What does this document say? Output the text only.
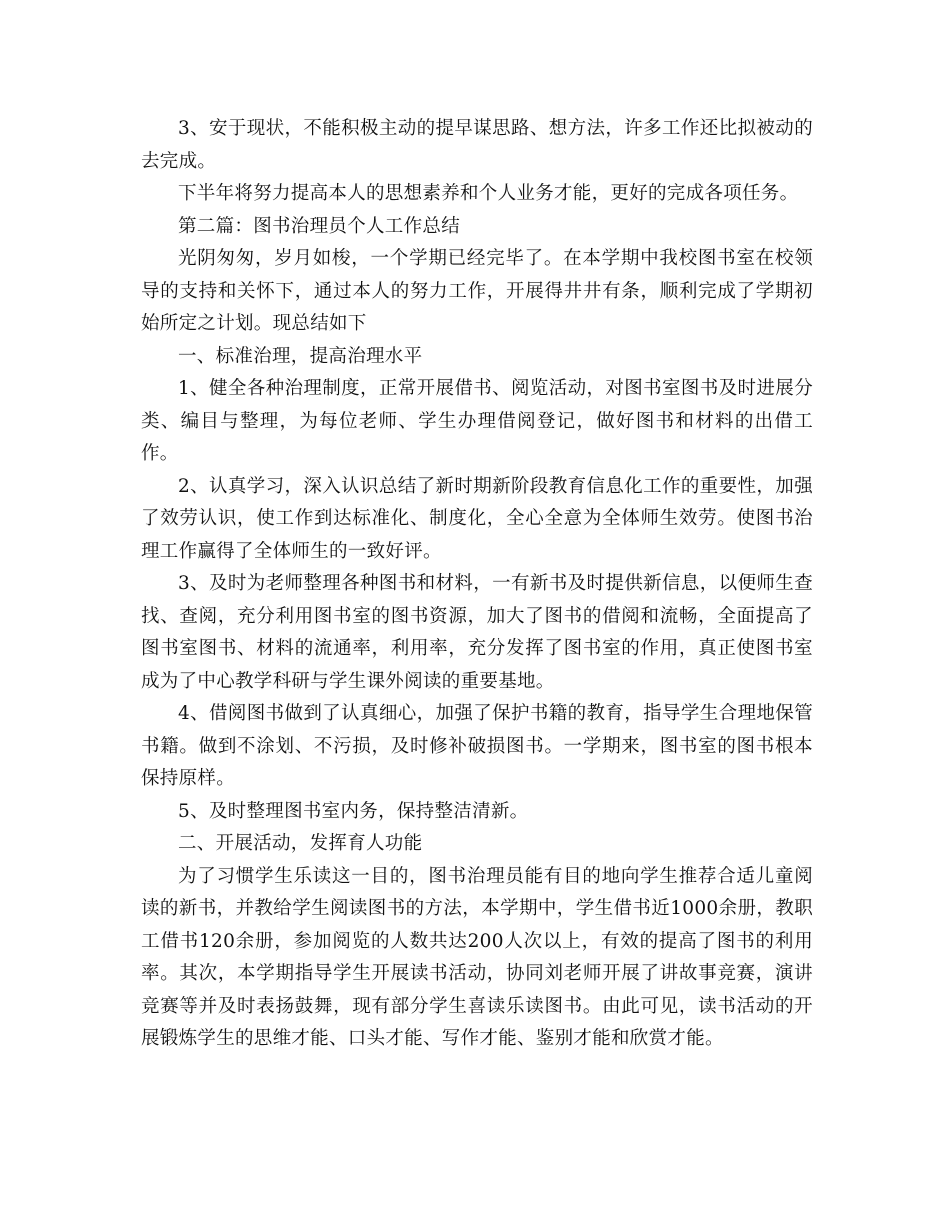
3、安于现状，不能积极主动的提早谋思路、想方法，许多工作还比拟被动的去完成。

下半年将努力提高本人的思想素养和个人业务才能，更好的完成各项任务。

第二篇：图书治理员个人工作总结

光阴匆匆，岁月如梭，一个学期已经完毕了。在本学期中我校图书室在校领导的支持和关怀下，通过本人的努力工作，开展得井井有条，顺利完成了学期初始所定之计划。现总结如下

一、标准治理，提高治理水平

1、健全各种治理制度，正常开展借书、阅览活动，对图书室图书及时进展分类、编目与整理，为每位老师、学生办理借阅登记，做好图书和材料的出借工作。

2、认真学习，深入认识总结了新时期新阶段教育信息化工作的重要性，加强了效劳认识，使工作到达标准化、制度化，全心全意为全体师生效劳。使图书治理工作赢得了全体师生的一致好评。

3、及时为老师整理各种图书和材料，一有新书及时提供新信息，以便师生查找、查阅，充分利用图书室的图书资源，加大了图书的借阅和流畅，全面提高了图书室图书、材料的流通率，利用率，充分发挥了图书室的作用，真正使图书室成为了中心教学科研与学生课外阅读的重要基地。

4、借阅图书做到了认真细心，加强了保护书籍的教育，指导学生合理地保管书籍。做到不涂划、不污损，及时修补破损图书。一学期来，图书室的图书根本保持原样。

5、及时整理图书室内务，保持整洁清新。

二、开展活动，发挥育人功能

为了习惯学生乐读这一目的，图书治理员能有目的地向学生推荐合适儿童阅读的新书，并教给学生阅读图书的方法，本学期中，学生借书近1000余册，教职工借书120余册，参加阅览的人数共达200人次以上，有效的提高了图书的利用率。其次，本学期指导学生开展读书活动，协同刘老师开展了讲故事竞赛，演讲竞赛等并及时表扬鼓舞，现有部分学生喜读乐读图书。由此可见，读书活动的开展锻炼学生的思维才能、口头才能、写作才能、鉴别才能和欣赏才能。
